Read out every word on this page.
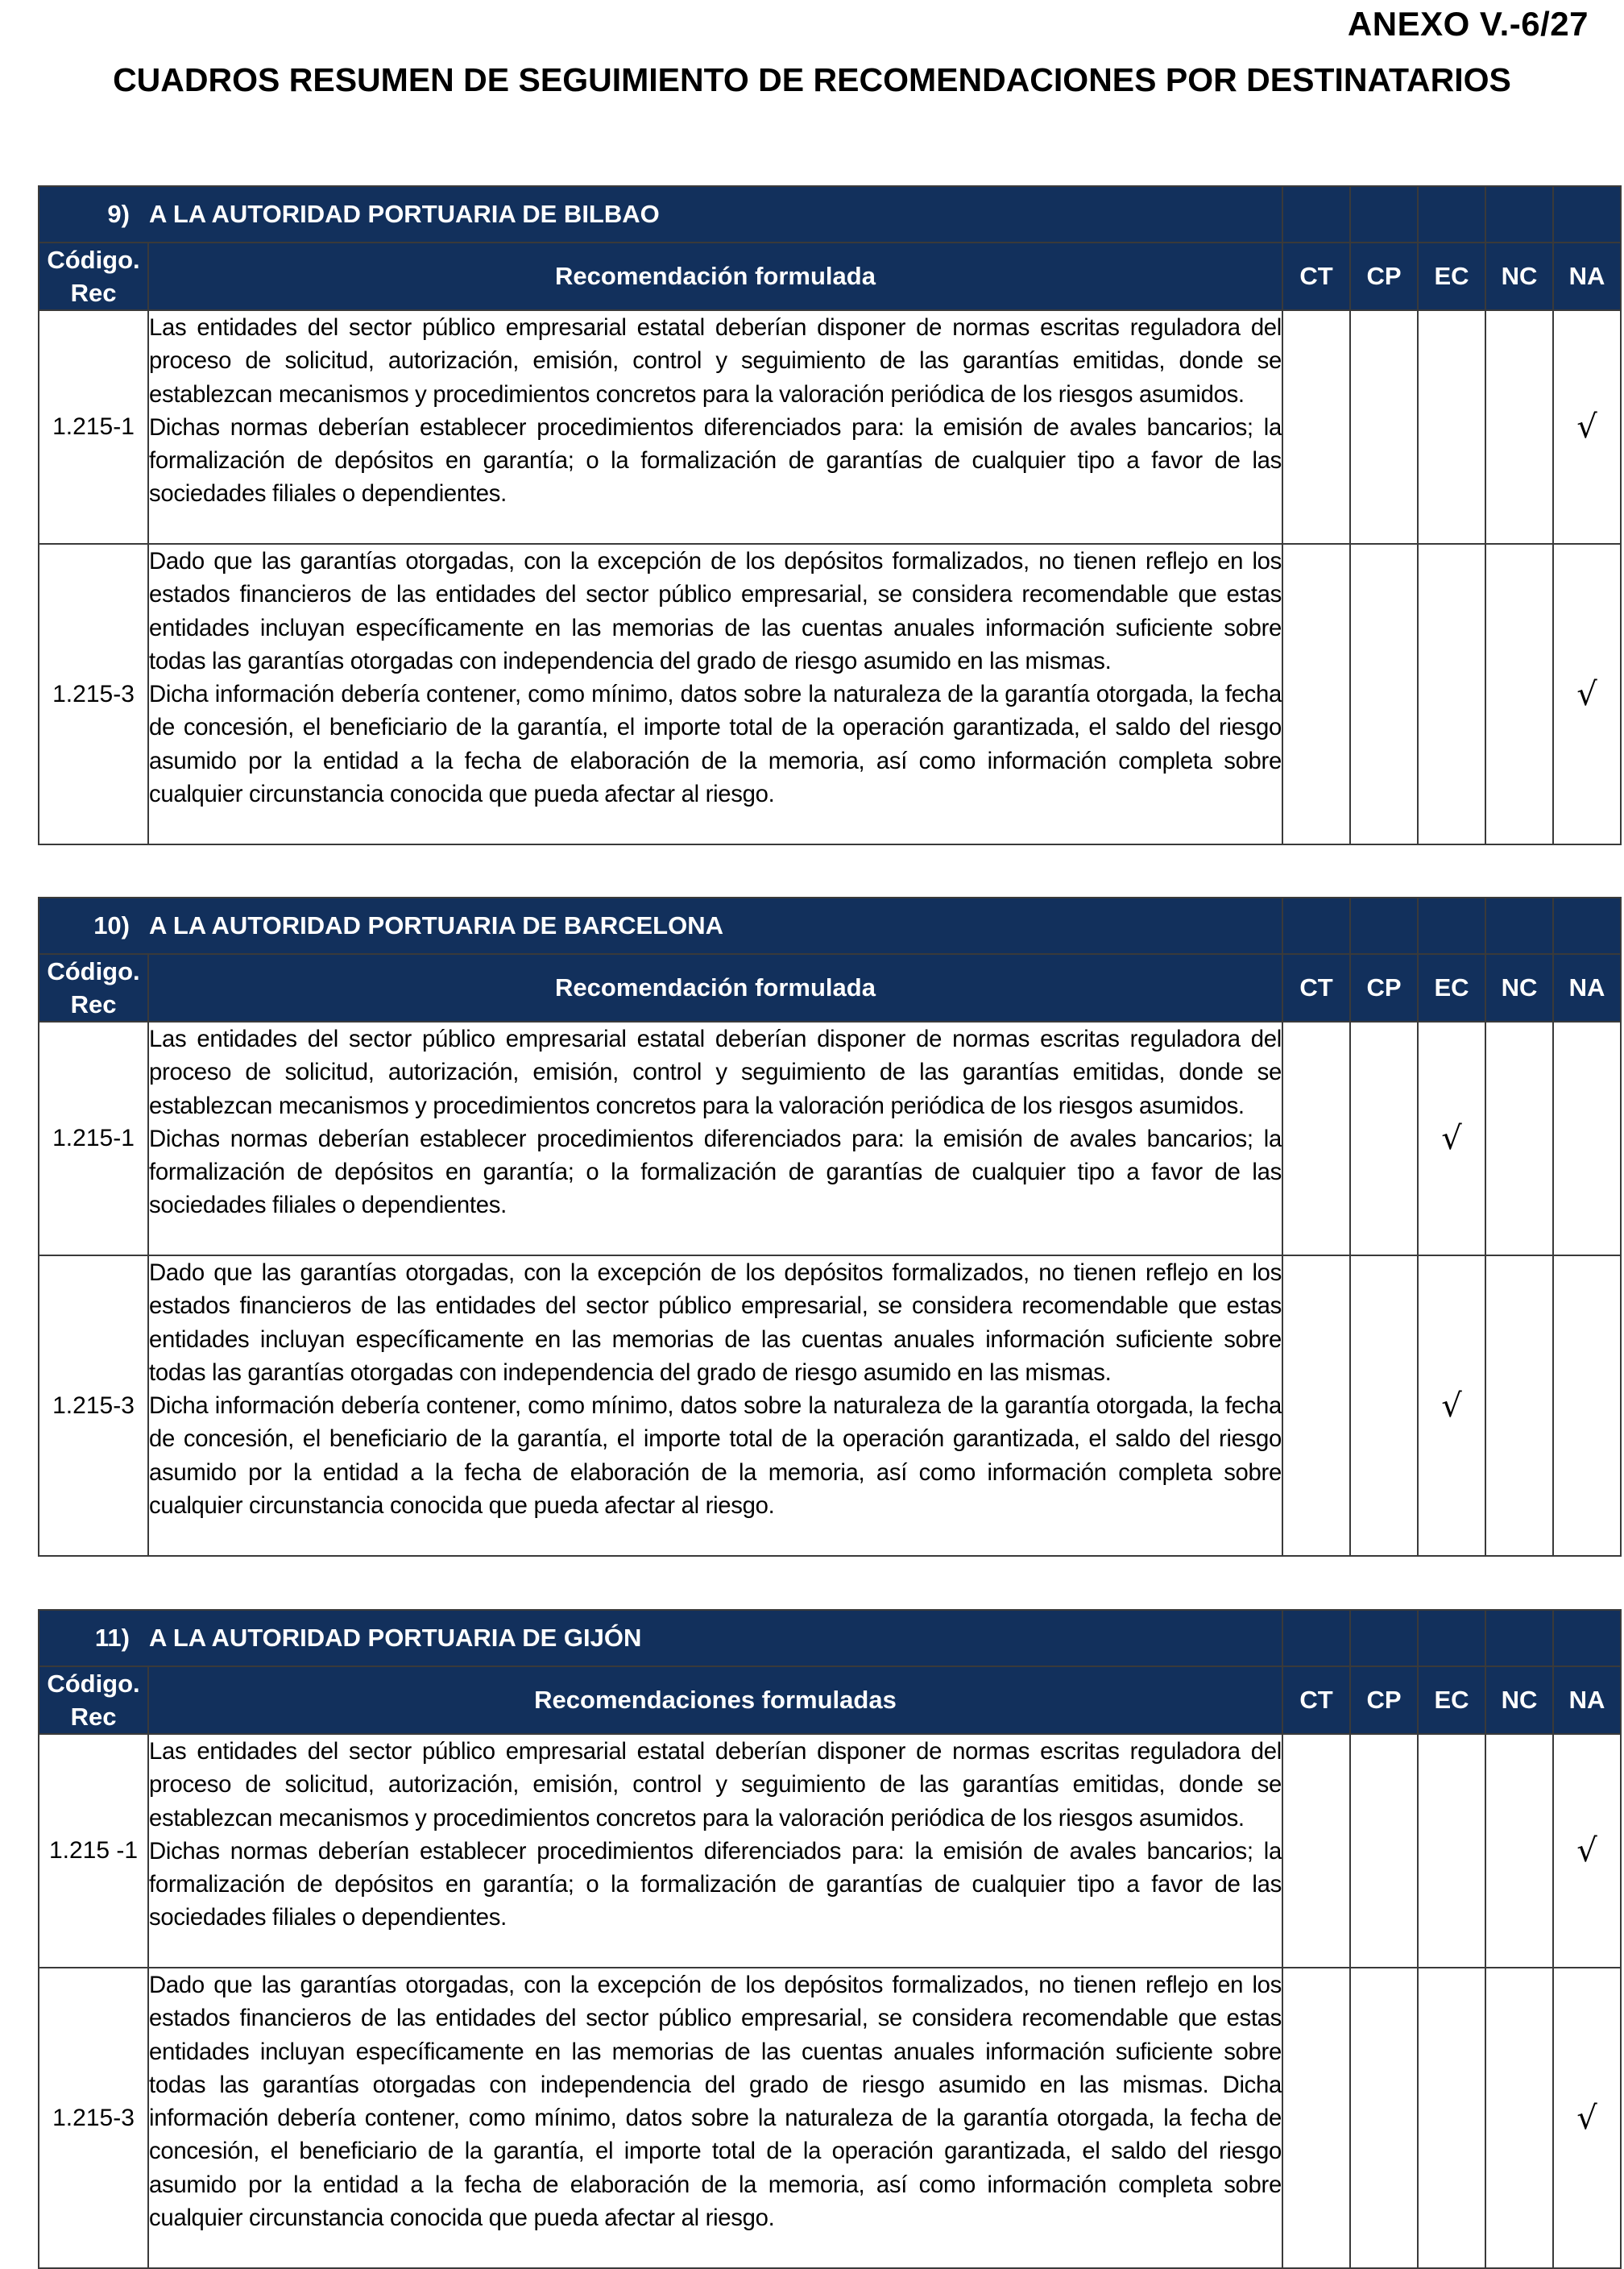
ANEXO V.-6/27
CUADROS RESUMEN DE SEGUIMIENTO DE RECOMENDACIONES POR DESTINATARIOS
9) A LA AUTORIDAD PORTUARIA DE BILBAO						
Código. Rec	Recomendación formulada	CT	CP	EC	NC	NA
1.215-1	Las entidades del sector público empresarial estatal deberían disponer de normas escritas reguladora del proceso de solicitud, autorización, emisión, control y seguimiento de las garantías emitidas, donde se establezcan mecanismos y procedimientos concretos para la valoración periódica de los riesgos asumidos.

Dichas normas deberían establecer procedimientos diferenciados para: la emisión de avales bancarios; la formalización de depósitos en garantía; o la formalización de garantías de cualquier tipo a favor de las sociedades filiales o dependientes.					√
1.215-3	Dado que las garantías otorgadas, con la excepción de los depósitos formalizados, no tienen reflejo en los estados financieros de las entidades del sector público empresarial, se considera recomendable que estas entidades incluyan específicamente en las memorias de las cuentas anuales información suficiente sobre todas las garantías otorgadas con independencia del grado de riesgo asumido en las mismas.

Dicha información debería contener, como mínimo, datos sobre la naturaleza de la garantía otorgada, la fecha de concesión, el beneficiario de la garantía, el importe total de la operación garantizada, el saldo del riesgo asumido por la entidad a la fecha de elaboración de la memoria, así como información completa sobre cualquier circunstancia conocida que pueda afectar al riesgo.					√
10) A LA AUTORIDAD PORTUARIA DE BARCELONA						
Código. Rec	Recomendación formulada	CT	CP	EC	NC	NA
1.215-1	Las entidades del sector público empresarial estatal deberían disponer de normas escritas reguladora del proceso de solicitud, autorización, emisión, control y seguimiento de las garantías emitidas, donde se establezcan mecanismos y procedimientos concretos para la valoración periódica de los riesgos asumidos.

Dichas normas deberían establecer procedimientos diferenciados para: la emisión de avales bancarios; la formalización de depósitos en garantía; o la formalización de garantías de cualquier tipo a favor de las sociedades filiales o dependientes.			√		
1.215-3	Dado que las garantías otorgadas, con la excepción de los depósitos formalizados, no tienen reflejo en los estados financieros de las entidades del sector público empresarial, se considera recomendable que estas entidades incluyan específicamente en las memorias de las cuentas anuales información suficiente sobre todas las garantías otorgadas con independencia del grado de riesgo asumido en las mismas.

Dicha información debería contener, como mínimo, datos sobre la naturaleza de la garantía otorgada, la fecha de concesión, el beneficiario de la garantía, el importe total de la operación garantizada, el saldo del riesgo asumido por la entidad a la fecha de elaboración de la memoria, así como información completa sobre cualquier circunstancia conocida que pueda afectar al riesgo.			√		
11) A LA AUTORIDAD PORTUARIA DE GIJÓN						
Código. Rec	Recomendaciones formuladas	CT	CP	EC	NC	NA
1.215 -1	Las entidades del sector público empresarial estatal deberían disponer de normas escritas reguladora del proceso de solicitud, autorización, emisión, control y seguimiento de las garantías emitidas, donde se establezcan mecanismos y procedimientos concretos para la valoración periódica de los riesgos asumidos.

Dichas normas deberían establecer procedimientos diferenciados para: la emisión de avales bancarios; la formalización de depósitos en garantía; o la formalización de garantías de cualquier tipo a favor de las sociedades filiales o dependientes.					√
1.215-3	Dado que las garantías otorgadas, con la excepción de los depósitos formalizados, no tienen reflejo en los estados financieros de las entidades del sector público empresarial, se considera recomendable que estas entidades incluyan específicamente en las memorias de las cuentas anuales información suficiente sobre todas las garantías otorgadas con independencia del grado de riesgo asumido en las mismas. Dicha información debería contener, como mínimo, datos sobre la naturaleza de la garantía otorgada, la fecha de concesión, el beneficiario de la garantía, el importe total de la operación garantizada, el saldo del riesgo asumido por la entidad a la fecha de elaboración de la memoria, así como información completa sobre cualquier circunstancia conocida que pueda afectar al riesgo.					√
